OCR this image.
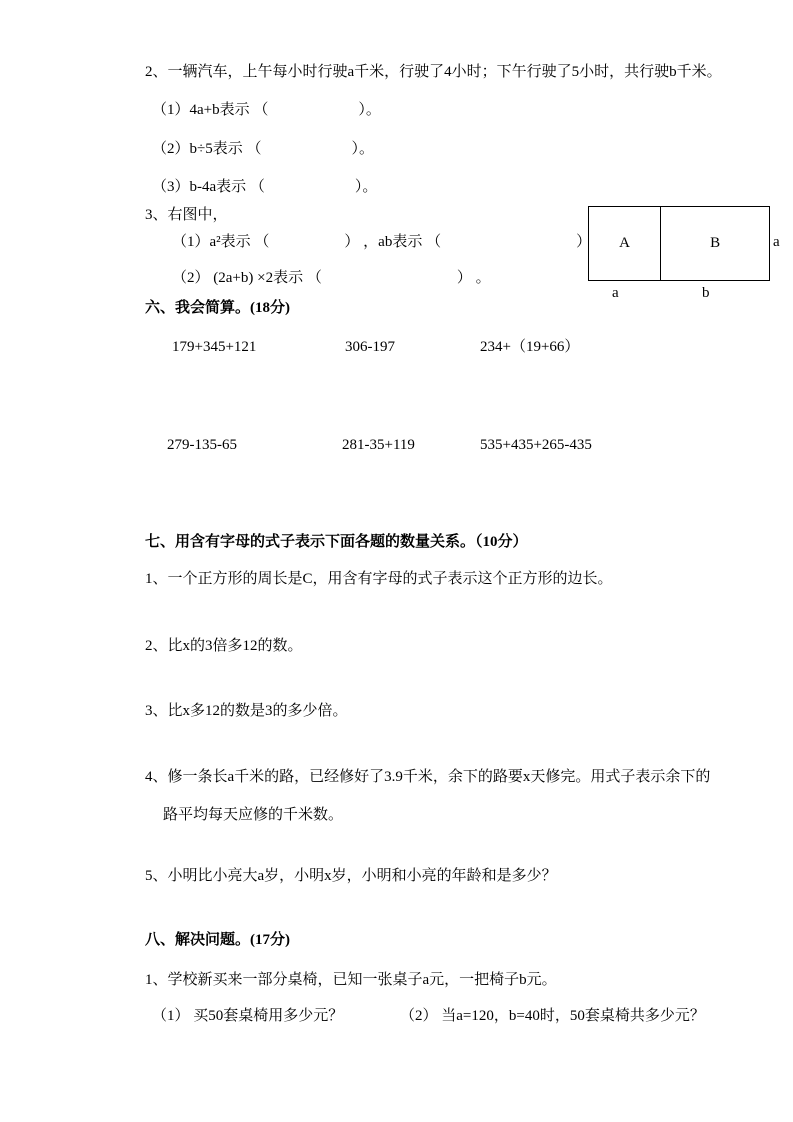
2、一辆汽车，上午每小时行驶a千米，行驶了4小时；下午行驶了5小时，共行驶b千米。
（1）4a+b表示 （　　　　　　）。
（2）b÷5表示 （　　　　　　）。
（3）b-4a表示 （　　　　　　）。
3、右图中，
（1）a²表示 （　　　　　） ，ab表示 （　　　　　　　　　）
（2） (2a+b) ×2表示 （　　　　　　　　　） 。
A	B	a
a	b
六、我会简算。(18分)
179+345+121	306-197	234+（19+66）
279-135-65	281-35+119	535+435+265-435
七、用含有字母的式子表示下面各题的数量关系。（10分）
1、一个正方形的周长是C，用含有字母的式子表示这个正方形的边长。
2、比x的3倍多12的数。
3、比x多12的数是3的多少倍。
4、修一条长a千米的路，已经修好了3.9千米，余下的路要x天修完。用式子表示余下的
路平均每天应修的千米数。
5、小明比小亮大a岁，小明x岁，小明和小亮的年龄和是多少？
八、解决问题。(17分)
1、学校新买来一部分桌椅，已知一张桌子a元，一把椅子b元。
（1） 买50套桌椅用多少元？	（2） 当a=120，b=40时，50套桌椅共多少元？
